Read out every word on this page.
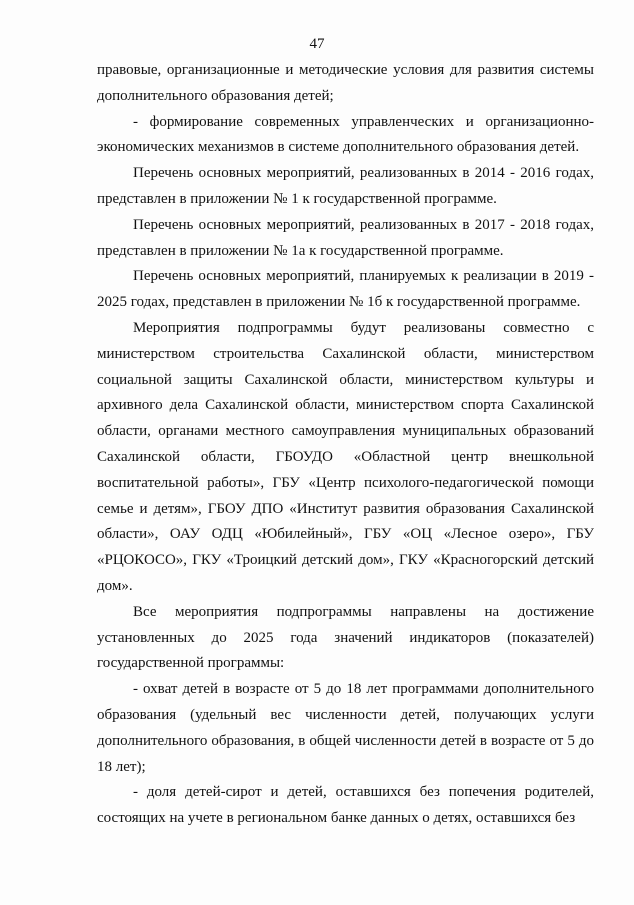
47

правовые, организационные и методические условия для развития системы дополнительного образования детей;

- формирование современных управленческих и организационно-экономических механизмов в системе дополнительного образования детей.

Перечень основных мероприятий, реализованных в 2014 - 2016 годах, представлен в приложении № 1 к государственной программе.

Перечень основных мероприятий, реализованных в 2017 - 2018 годах, представлен в приложении № 1а к государственной программе.

Перечень основных мероприятий, планируемых к реализации в 2019 - 2025 годах, представлен в приложении № 1б к государственной программе.

Мероприятия подпрограммы будут реализованы совместно с министерством строительства Сахалинской области, министерством социальной защиты Сахалинской области, министерством культуры и архивного дела Сахалинской области, министерством спорта Сахалинской области, органами местного самоуправления муниципальных образований Сахалинской области, ГБОУДО «Областной центр внешкольной воспитательной работы», ГБУ «Центр психолого-педагогической помощи семье и детям», ГБОУ ДПО «Институт развития образования Сахалинской области», ОАУ ОДЦ «Юбилейный», ГБУ «ОЦ «Лесное озеро», ГБУ «РЦОКОСО», ГКУ «Троицкий детский дом», ГКУ «Красногорский детский дом».

Все мероприятия подпрограммы направлены на достижение установленных до 2025 года значений индикаторов (показателей) государственной программы:

- охват детей в возрасте от 5 до 18 лет программами дополнительного образования (удельный вес численности детей, получающих услуги дополнительного образования, в общей численности детей в возрасте от 5 до 18 лет);

- доля детей-сирот и детей, оставшихся без попечения родителей, состоящих на учете в региональном банке данных о детях, оставшихся без
